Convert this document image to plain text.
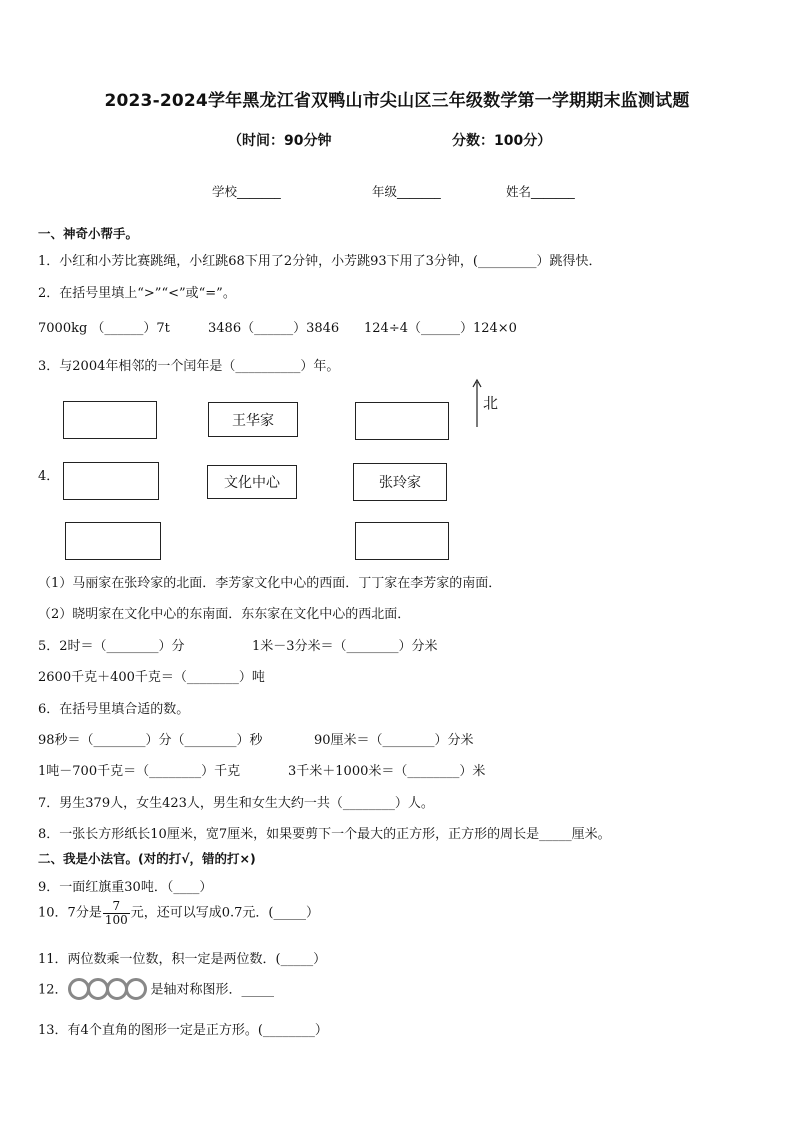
2023-2024学年黑龙江省双鸭山市尖山区三年级数学第一学期期末监测试题
（时间：90分钟	分数：100分）
学校_______	年级_______	姓名_______
一、神奇小帮手。
1．小红和小芳比赛跳绳，小红跳68下用了2分钟，小芳跳93下用了3分钟，(_________）跳得快．
2．在括号里填上“>”“<”或“=”。
7000kg （______）7t	3486（______）3846 124÷4（______）124×0
3．与2004年相邻的一个闰年是（__________）年。
4．
王华家
文化中心	张玲家
北
（1）马丽家在张玲家的北面．李芳家文化中心的西面．丁丁家在李芳家的南面．
（2）晓明家在文化中心的东南面．东东家在文化中心的西北面．
5．2时＝（________）分	1米－3分米＝（________）分米
2600千克＋400千克＝（________）吨
6．在括号里填合适的数。
98秒＝（________）分（________）秒	90厘米＝（________）分米
1吨－700千克＝（________）千克	3千米＋1000米＝（________）米
7．男生379人，女生423人，男生和女生大约一共（________）人。
8．一张长方形纸长10厘米，宽7厘米，如果要剪下一个最大的正方形，正方形的周长是_____厘米。
二、我是小法官。(对的打√，错的打×)
9．一面红旗重30吨．（____）
10．7分是 $\frac{7}{100}$ 元，还可以写成0.7元．(_____）
11．两位数乘一位数，积一定是两位数．(_____）
12．	是轴对称图形．_____
13．有4个直角的图形一定是正方形。(________）
